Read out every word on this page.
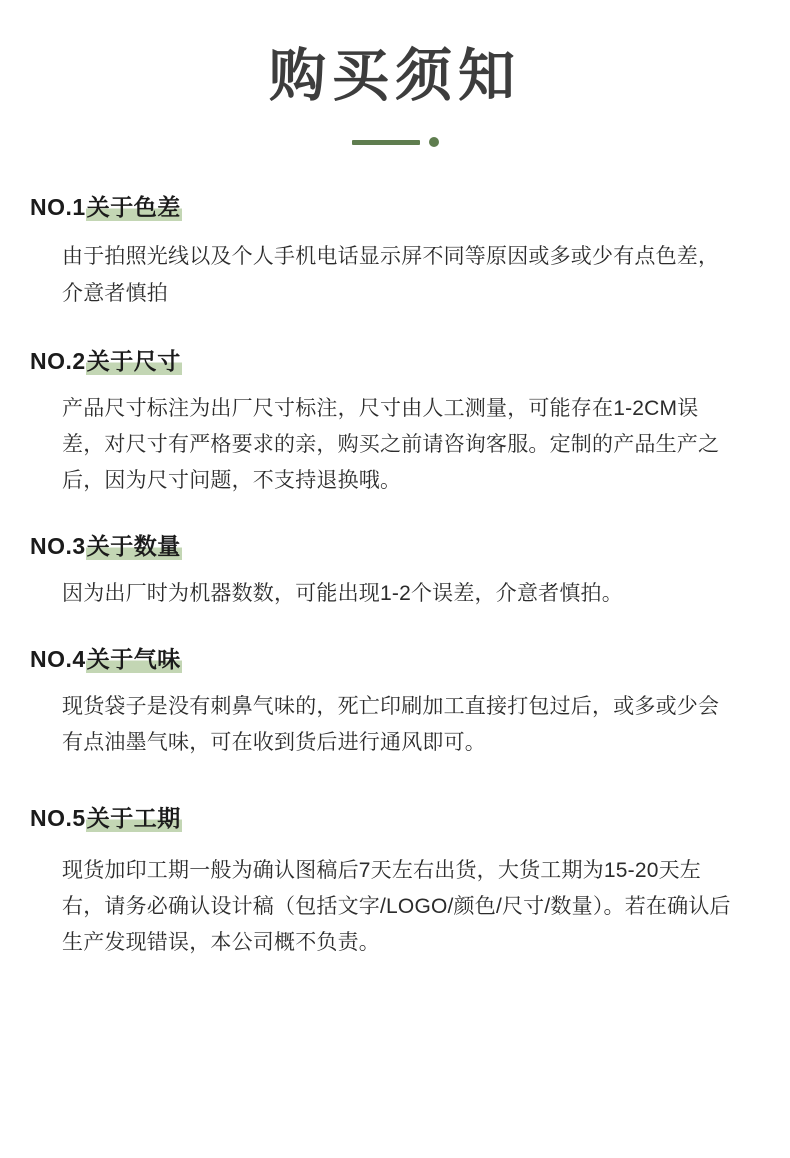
购买须知
NO.1关于色差

由于拍照光线以及个人手机电话显示屏不同等原因或多或少有点色差，介意者慎拍

NO.2关于尺寸

产品尺寸标注为出厂尺寸标注，尺寸由人工测量，可能存在1-2CM误差，对尺寸有严格要求的亲，购买之前请咨询客服。定制的产品生产之后，因为尺寸问题，不支持退换哦。

NO.3关于数量

因为出厂时为机器数数，可能出现1-2个误差，介意者慎拍。

NO.4关于气味

现货袋子是没有刺鼻气味的，死亡印刷加工直接打包过后，或多或少会有点油墨气味，可在收到货后进行通风即可。

NO.5关于工期

现货加印工期一般为确认图稿后7天左右出货，大货工期为15-20天左右，请务必确认设计稿（包括文字/LOGO/颜色/尺寸/数量）。若在确认后生产发现错误，本公司概不负责。
